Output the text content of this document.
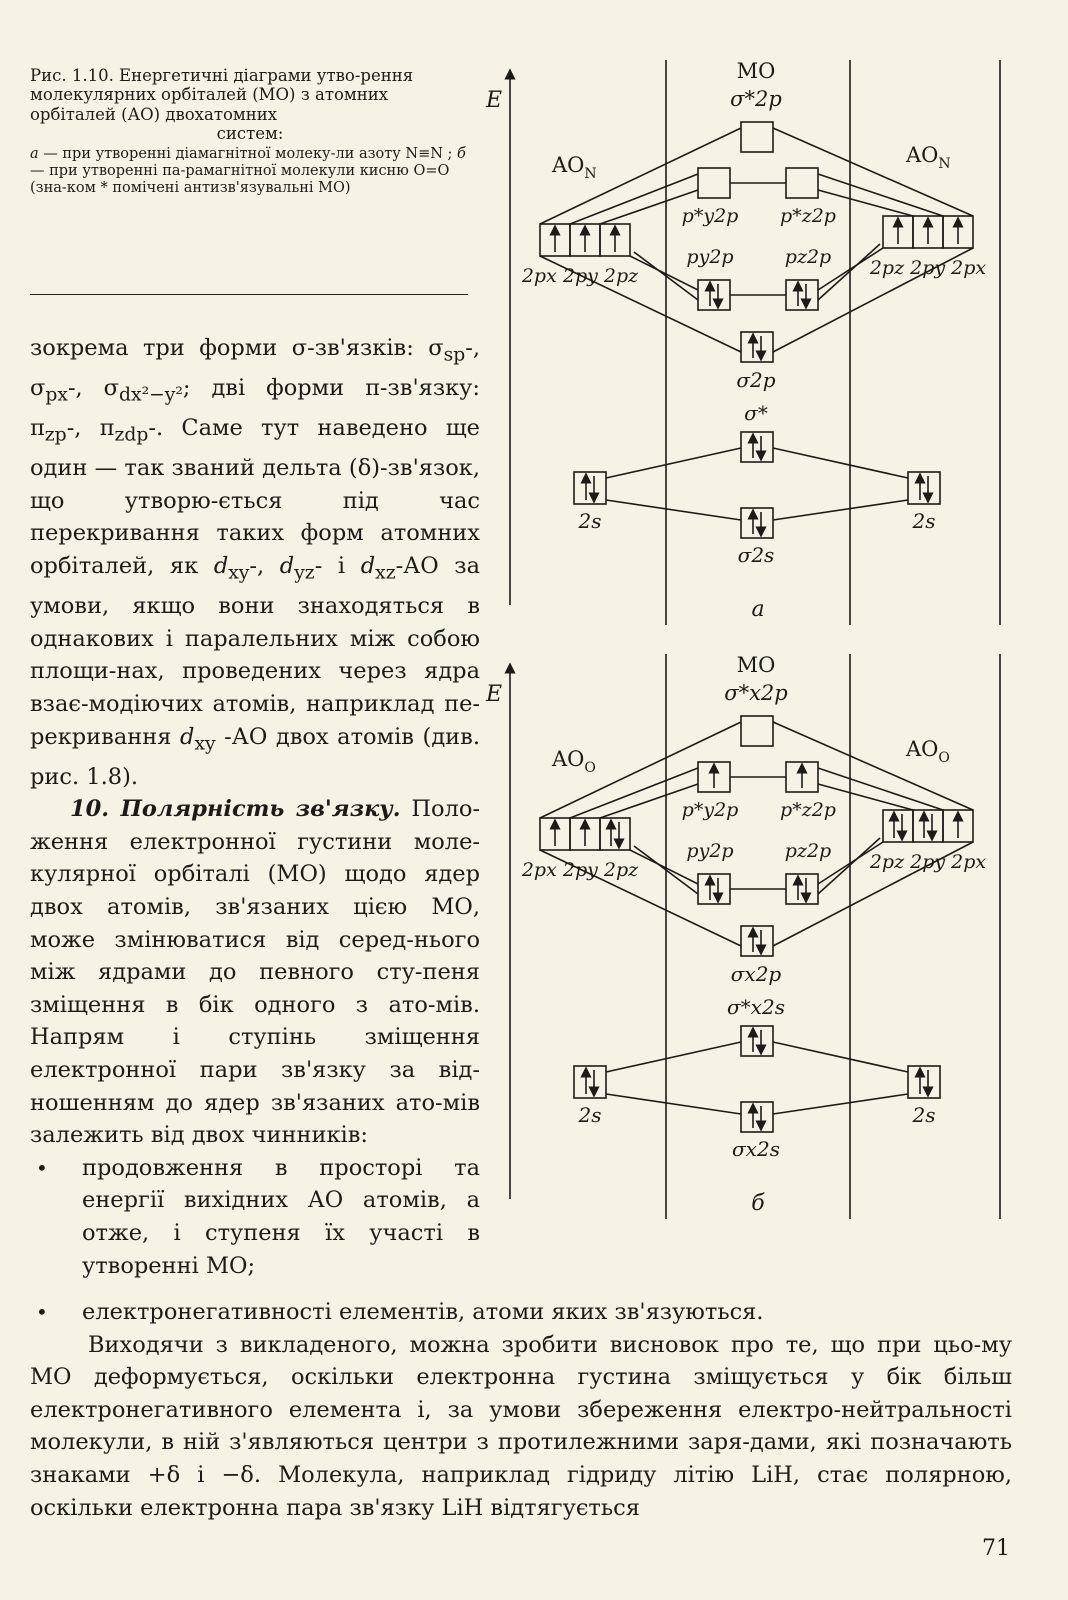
Рис. 1.10. Енергетичні діаграми утво-рення молекулярних орбіталей (МО) з атомних орбіталей (АО) двохатомних
систем:
а — при утворенні діамагнітної молеку-ли азоту N≡N ; б — при утворенні па-рамагнітної молекули кисню O=O (зна-ком * помічені антизв'язувальні МО)

зокрема три форми σ-зв'язків: $\sigma_{sp}-$, $\sigma_{px}-$, $\sigma_{dx^2-y^2}$; дві форми π-зв'язку: $\pi_{zp}-$, $\pi_{zdp}-$. Саме тут наведено ще один — так званий дельта (δ)-зв'язок, що утворю-ється під час перекривання таких форм атомних орбіталей, як $d_{xy}-$, $d_{yz}-$ і $d_{xz}-АО$ за умови, якщо вони знаходяться в однакових і паралельних між собою площи-нах, проведених через ядра взає-модіючих атомів, наприклад пе-рекривання $d_{xy}$ -АО двох атомів (див. рис. 1.8).

10. Полярність зв'язку. Поло-ження електронної густини моле-кулярної орбіталі (МО) щодо ядер двох атомів, зв'язаних цією МО, може змінюватися від серед-нього між ядрами до певного сту-пеня зміщення в бік одного з ато-мів. Напрям і ступінь зміщення електронної пари зв'язку за від-ношенням до ядер зв'язаних ато-мів залежить від двох чинників:

• продовження в просторі та енергії вихідних АО атомів, а отже, і ступеня їх участі в утворенні МО;
• електронегативності елементів, атоми яких зв'язуються.

Виходячи з викладеного, можна зробити висновок про те, що при цьо-му МО деформується, оскільки електронна густина зміщується у бік більш електронегативного елемента і, за умови збереження електро-нейтральності молекули, в ній з'являються центри з протилежними заря-дами, які позначають знаками +δ і −δ. Молекула, наприклад гідриду літію LiH, стає полярною, оскільки електронна пара зв'язку LiH відтягується

71
E
MO
σ*2p
$AO_N$
$AO_N$
p*y2p p*z2p
2px 2py 2pz	2pz 2py 2px
py2p	pz2p
σ2p
σ*
2s	2s
σ2s
а
E
MO
σ*x2p
$AO_O$
$AO_O$
p*y2p p*z2p
2px 2py 2pz	2pz 2py 2px
py2p	pz2p
σx2p
σ*x2s
2s	2s
σx2s
б
